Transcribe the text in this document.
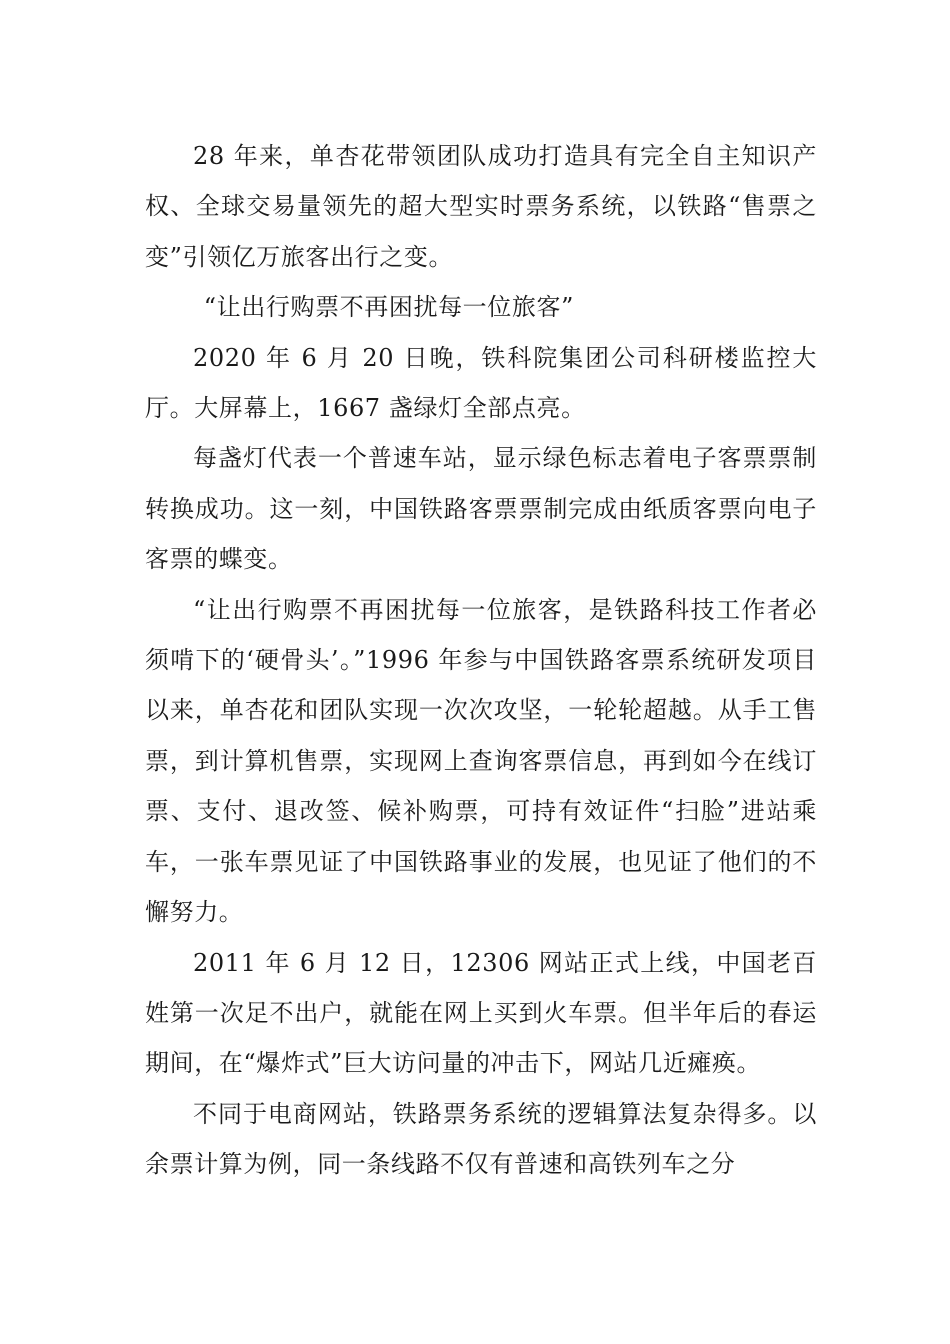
28 年来，单杏花带领团队成功打造具有完全自主知识产权、全球交易量领先的超大型实时票务系统，以铁路“售票之变”引领亿万旅客出行之变。

“让出行购票不再困扰每一位旅客”

2020 年 6 月 20 日晚，铁科院集团公司科研楼监控大厅。大屏幕上，1667 盏绿灯全部点亮。

每盏灯代表一个普速车站，显示绿色标志着电子客票票制转换成功。这一刻，中国铁路客票票制完成由纸质客票向电子客票的蝶变。

“让出行购票不再困扰每一位旅客，是铁路科技工作者必须啃下的‘硬骨头’。”1996 年参与中国铁路客票系统研发项目以来，单杏花和团队实现一次次攻坚，一轮轮超越。从手工售票，到计算机售票，实现网上查询客票信息，再到如今在线订票、支付、退改签、候补购票，可持有效证件“扫脸”进站乘车，一张车票见证了中国铁路事业的发展，也见证了他们的不懈努力。

2011 年 6 月 12 日，12306 网站正式上线，中国老百姓第一次足不出户，就能在网上买到火车票。但半年后的春运期间，在“爆炸式”巨大访问量的冲击下，网站几近瘫痪。

不同于电商网站，铁路票务系统的逻辑算法复杂得多。以余票计算为例，同一条线路不仅有普速和高铁列车之分
